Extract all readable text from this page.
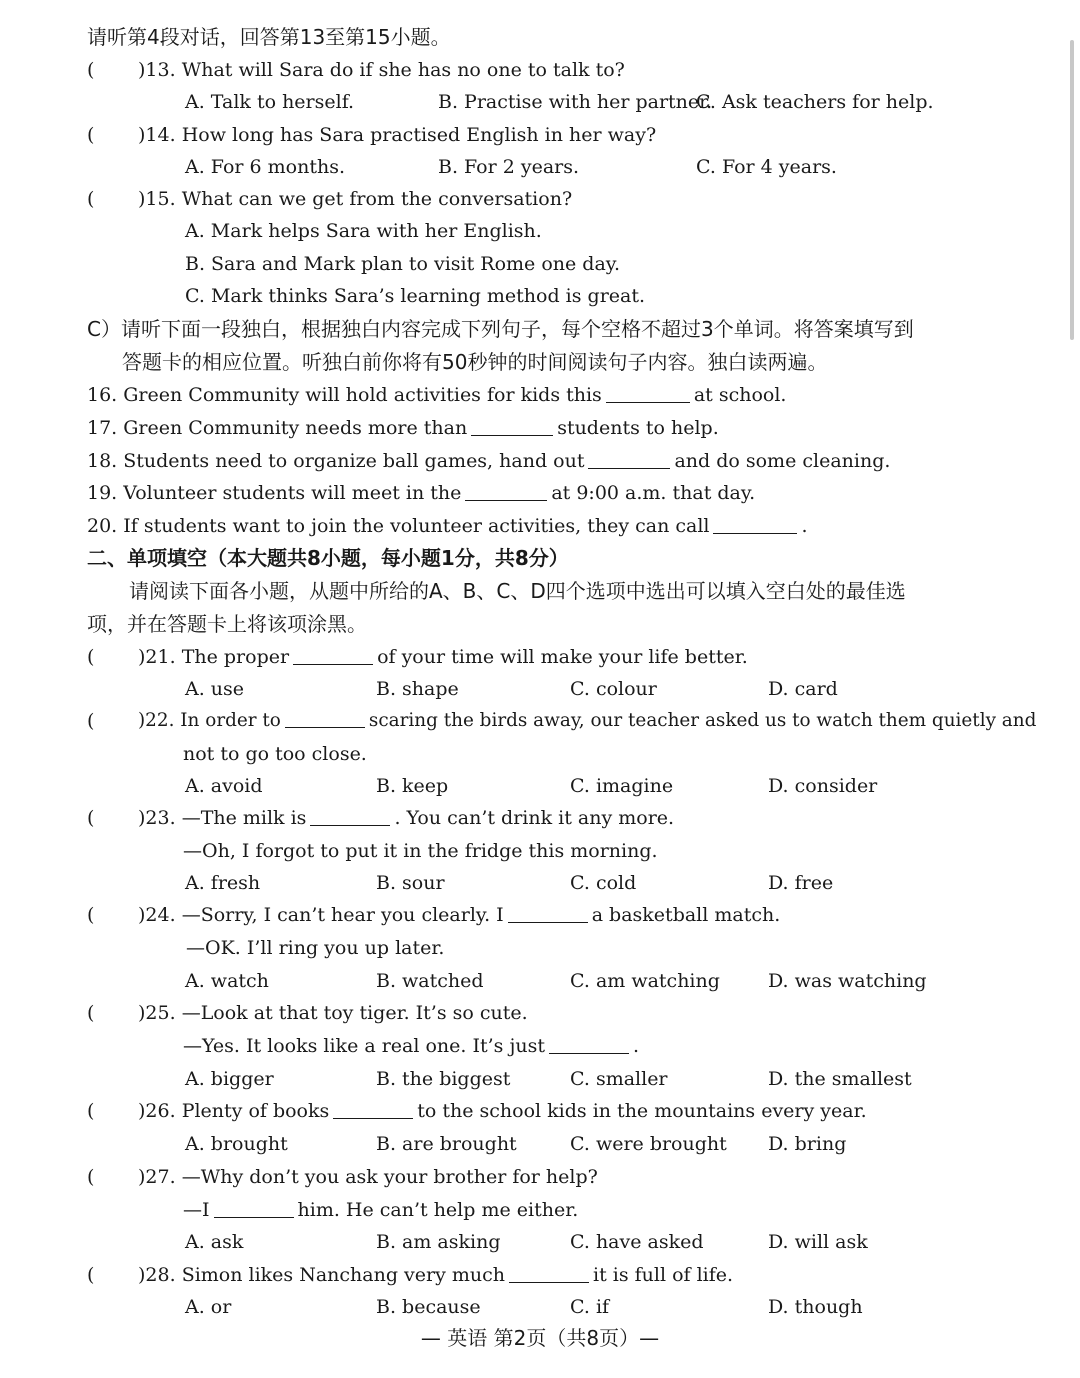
请听第4段对话，回答第13至第15小题。
( )13. What will Sara do if she has no one to talk to?
A. Talk to herself.	B. Practise with her partner.
C. Ask teachers for help.
( )14. How long has Sara practised English in her way?
A. For 6 months.	B. For 2 years.	C. For 4 years.
( )15. What can we get from the conversation?
A. Mark helps Sara with her English.
B. Sara and Mark plan to visit Rome one day.
C. Mark thinks Sara’s learning method is great.
C）请听下面一段独白，根据独白内容完成下列句子，每个空格不超过3个单词。将答案填写到
答题卡的相应位置。听独白前你将有50秒钟的时间阅读句子内容。独白读两遍。
16. Green Community will hold activities for kids this	at school.
17. Green Community needs more than	students to help.
18. Students need to organize ball games, hand out	and do some cleaning.
19. Volunteer students will meet in the	at 9:00 a.m. that day.
20. If students want to join the volunteer activities, they can call	.
二、单项填空（本大题共8小题，每小题1分，共8分）
请阅读下面各小题，从题中所给的A、B、C、D四个选项中选出可以填入空白处的最佳选
项，并在答题卡上将该项涂黑。
( )21. The proper	of your time will make your life better.
A. use	B. shape	C. colour	D. card
( )22. In order to	scaring the birds away, our teacher asked us to watch them quietly and
not to go too close.
A. avoid	B. keep	C. imagine	D. consider
( )23. —The milk is	. You can’t drink it any more.
—Oh, I forgot to put it in the fridge this morning.
A. fresh	B. sour	C. cold	D. free
( )24. —Sorry, I can’t hear you clearly. I	a basketball match.
—OK. I’ll ring you up later.
A. watch	B. watched	C. am watching	D. was watching
( )25. —Look at that toy tiger. It’s so cute.
—Yes. It looks like a real one. It’s just	.
A. bigger	B. the biggest	C. smaller	D. the smallest
( )26. Plenty of books	to the school kids in the mountains every year.
A. brought	B. are brought	C. were brought D. bring
( )27. —Why don’t you ask your brother for help?
—I	him. He can’t help me either.
A. ask	B. am asking	C. have asked	D. will ask
( )28. Simon likes Nanchang very much	it is full of life.
A. or	B. because	C. if	D. though
— 英语 第2页（共8页）—
